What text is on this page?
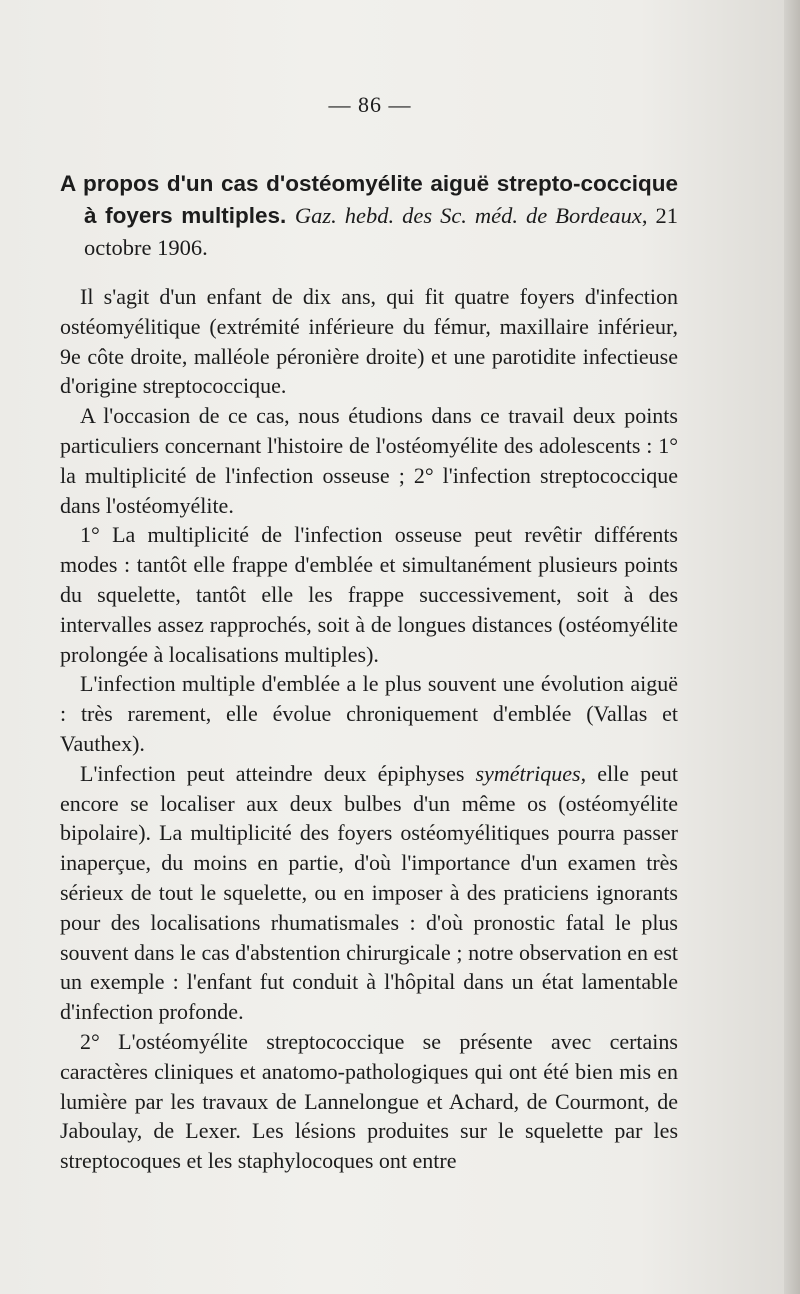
— 86 —
A propos d'un cas d'ostéomyélite aiguë strepto-coccique à foyers multiples. Gaz. hebd. des Sc. méd. de Bordeaux, 21 octobre 1906.

Il s'agit d'un enfant de dix ans, qui fit quatre foyers d'infection ostéomyélitique (extrémité inférieure du fémur, maxillaire inférieur, 9e côte droite, malléole péronière droite) et une parotidite infectieuse d'origine streptococcique.

A l'occasion de ce cas, nous étudions dans ce travail deux points particuliers concernant l'histoire de l'ostéomyélite des adolescents : 1° la multiplicité de l'infection osseuse ; 2° l'infection streptococcique dans l'ostéomyélite.

1° La multiplicité de l'infection osseuse peut revêtir différents modes : tantôt elle frappe d'emblée et simultanément plusieurs points du squelette, tantôt elle les frappe successivement, soit à des intervalles assez rapprochés, soit à de longues distances (ostéomyélite prolongée à localisations multiples).

L'infection multiple d'emblée a le plus souvent une évolution aiguë : très rarement, elle évolue chroniquement d'emblée (Vallas et Vauthex).

L'infection peut atteindre deux épiphyses symétriques, elle peut encore se localiser aux deux bulbes d'un même os (ostéomyélite bipolaire). La multiplicité des foyers ostéomyélitiques pourra passer inaperçue, du moins en partie, d'où l'importance d'un examen très sérieux de tout le squelette, ou en imposer à des praticiens ignorants pour des localisations rhumatismales : d'où pronostic fatal le plus souvent dans le cas d'abstention chirurgicale ; notre observation en est un exemple : l'enfant fut conduit à l'hôpital dans un état lamentable d'infection profonde.

2° L'ostéomyélite streptococcique se présente avec certains caractères cliniques et anatomo-pathologiques qui ont été bien mis en lumière par les travaux de Lannelongue et Achard, de Courmont, de Jaboulay, de Lexer. Les lésions produites sur le squelette par les streptocoques et les staphylocoques ont entre
